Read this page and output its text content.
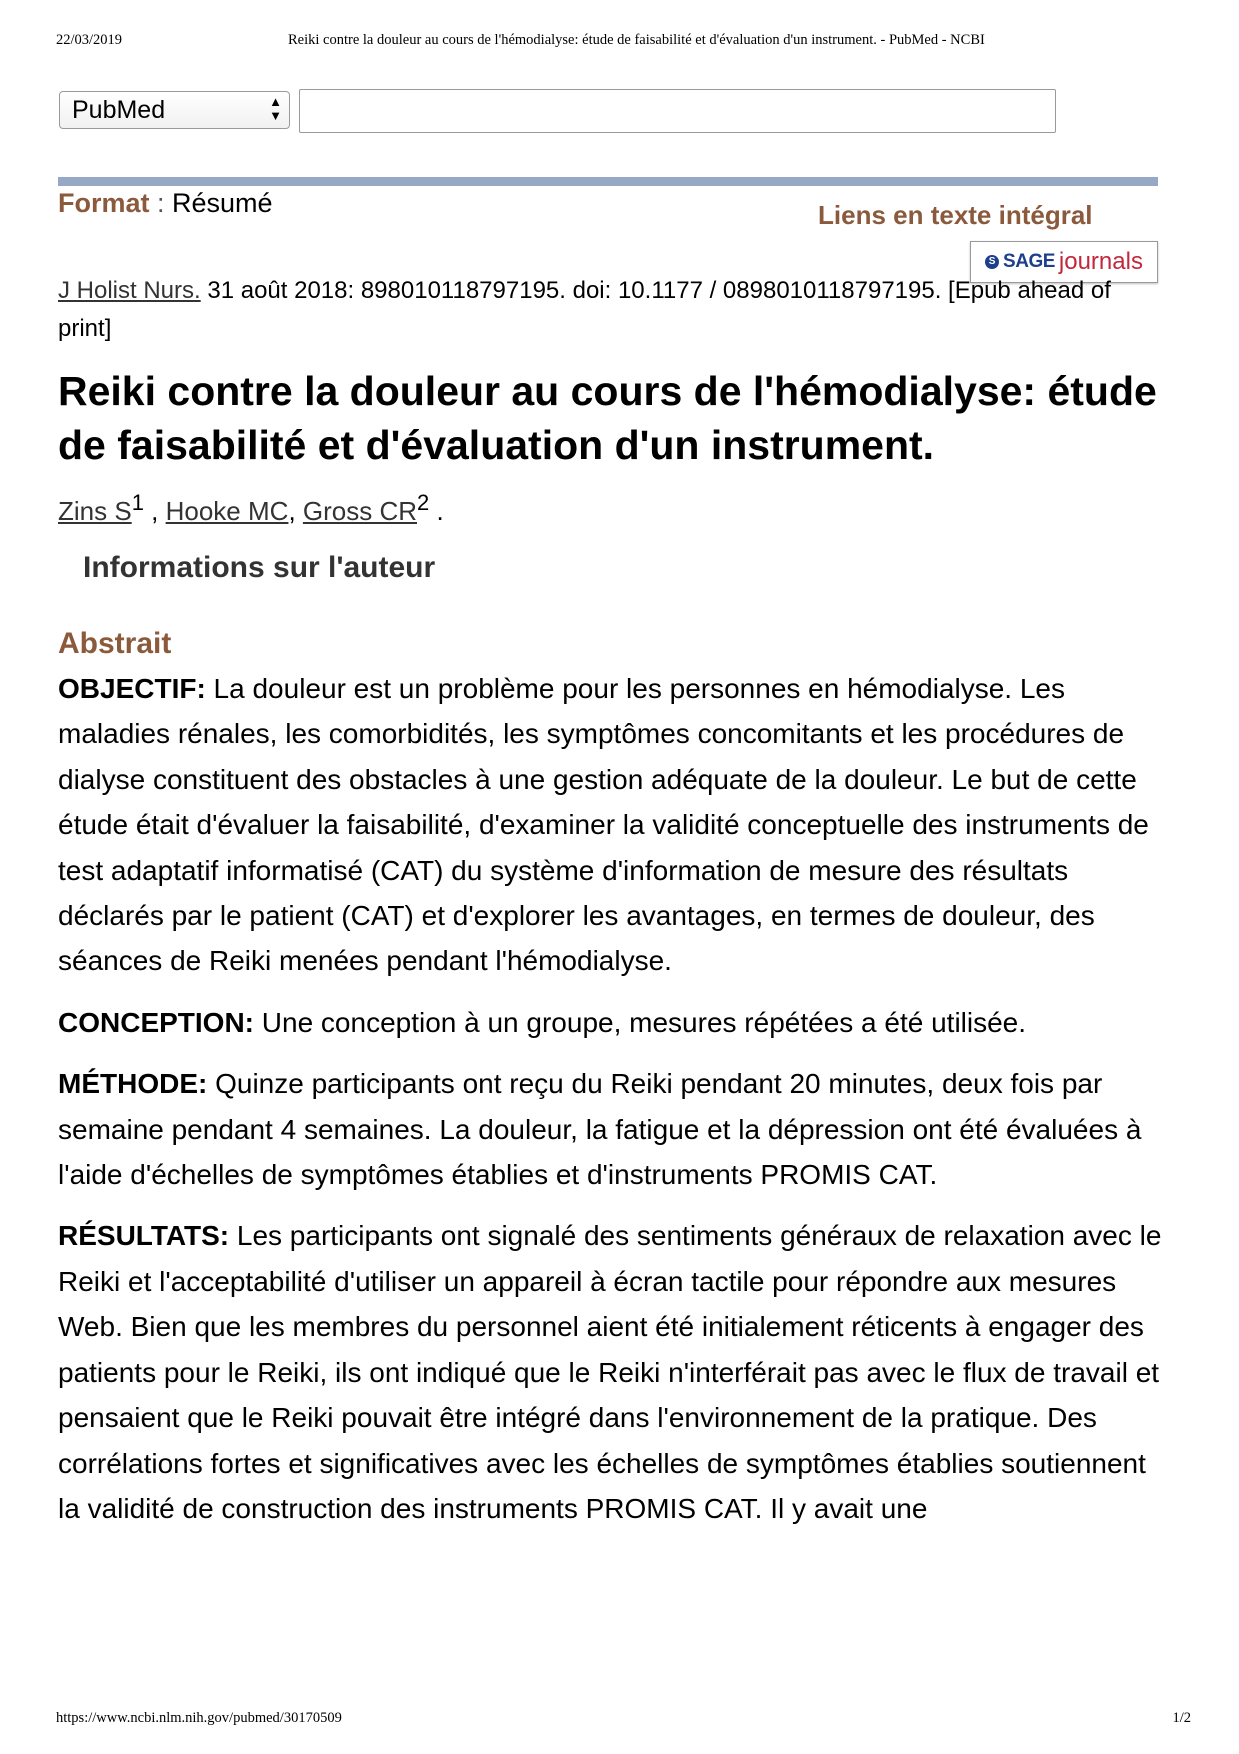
22/03/2019	Reiki contre la douleur au cours de l'hémodialyse: étude de faisabilité et d'évaluation d'un instrument. - PubMed - NCBI
PubMed	▲
▼
Format : Résumé	Liens en texte intégral
S SAGE journals
J Holist Nurs. 31 août 2018: 898010118797195. doi: 10.1177 / 0898010118797195. [Epub ahead of print]
Reiki contre la douleur au cours de l'hémodialyse: étude de faisabilité et d'évaluation d'un instrument.
Zins $S^1$ , Hooke MC, Gross $CR^2$ .
Informations sur l'auteur
Abstrait

OBJECTIF: La douleur est un problème pour les personnes en hémodialyse. Les maladies rénales, les comorbidités, les symptômes concomitants et les procédures de dialyse constituent des obstacles à une gestion adéquate de la douleur. Le but de cette étude était d'évaluer la faisabilité, d'examiner la validité conceptuelle des instruments de test adaptatif informatisé (CAT) du système d'information de mesure des résultats déclarés par le patient (CAT) et d'explorer les avantages, en termes de douleur, des séances de Reiki menées pendant l'hémodialyse.

CONCEPTION: Une conception à un groupe, mesures répétées a été utilisée.

MÉTHODE: Quinze participants ont reçu du Reiki pendant 20 minutes, deux fois par semaine pendant 4 semaines. La douleur, la fatigue et la dépression ont été évaluées à l'aide d'échelles de symptômes établies et d'instruments PROMIS CAT.

RÉSULTATS: Les participants ont signalé des sentiments généraux de relaxation avec le Reiki et l'acceptabilité d'utiliser un appareil à écran tactile pour répondre aux mesures Web. Bien que les membres du personnel aient été initialement réticents à engager des patients pour le Reiki, ils ont indiqué que le Reiki n'interférait pas avec le flux de travail et pensaient que le Reiki pouvait être intégré dans l'environnement de la pratique. Des corrélations fortes et significatives avec les échelles de symptômes établies soutiennent la validité de construction des instruments PROMIS CAT. Il y avait une

https://www.ncbi.nlm.nih.gov/pubmed/30170509	1/2
